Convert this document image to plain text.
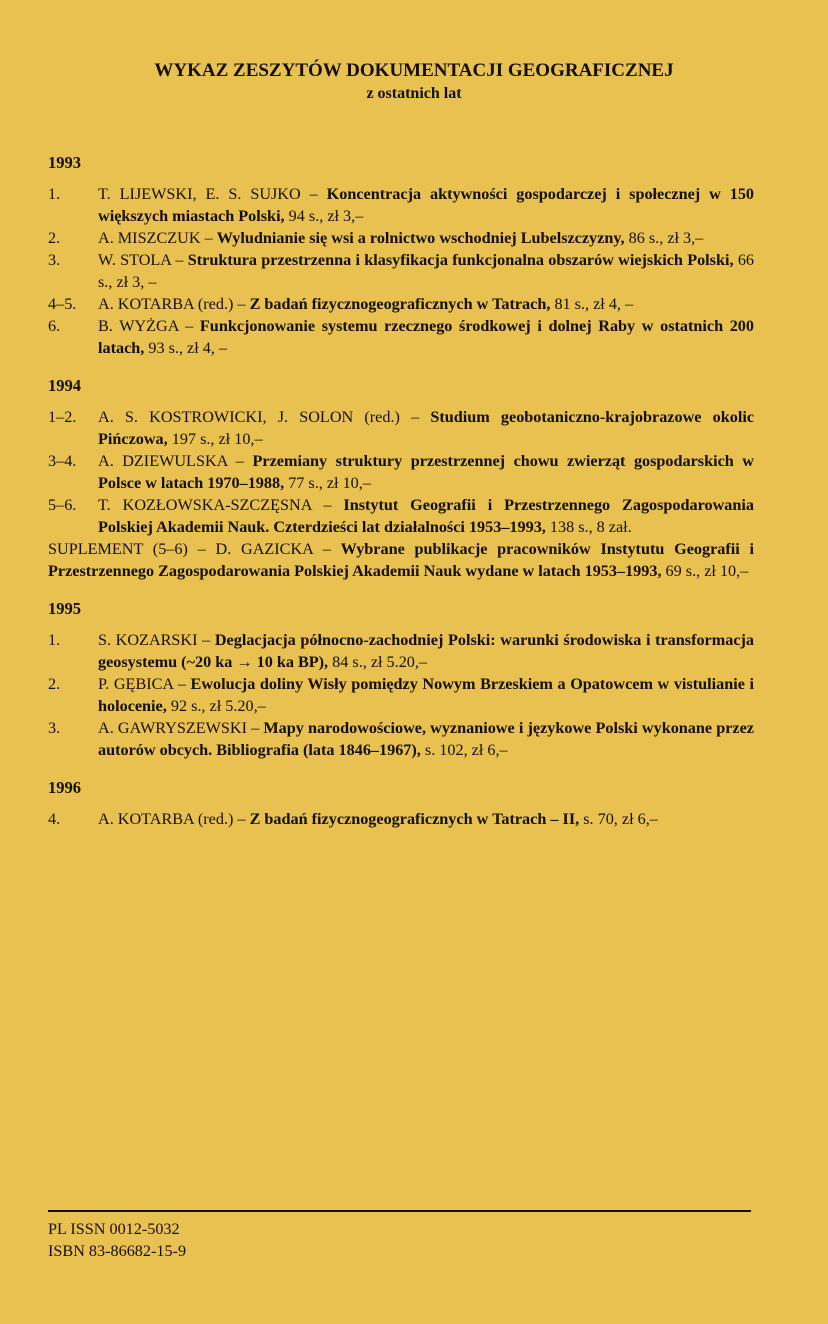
WYKAZ ZESZYTÓW DOKUMENTACJI GEOGRAFICZNEJ
z ostatnich lat
1993
1.	T. LIJEWSKI, E. S. SUJKO – Koncentracja aktywności gospodarczej i społecznej w 150 większych miastach Polski, 94 s., zł 3,–
2.	A. MISZCZUK – Wyludnianie się wsi a rolnictwo wschodniej Lubelszczyzny, 86 s., zł 3,–
3.	W. STOLA – Struktura przestrzenna i klasyfikacja funkcjonalna obszarów wiejskich Polski, 66 s., zł 3, –
4–5.	A. KOTARBA (red.) – Z badań fizycznogeograficznych w Tatrach, 81 s., zł 4, –
6.	B. WYŻGA – Funkcjonowanie systemu rzecznego środkowej i dolnej Raby w ostatnich 200 latach, 93 s., zł 4, –
1994
1–2.	A. S. KOSTROWICKI, J. SOLON (red.) – Studium geobotaniczno-krajobrazowe okolic Pińczowa, 197 s., zł 10,–
3–4.	A. DZIEWULSKA – Przemiany struktury przestrzennej chowu zwierząt gospodarskich w Polsce w latach 1970–1988, 77 s., zł 10,–
5–6.	T. KOZŁOWSKA-SZCZĘSNA – Instytut Geografii i Przestrzennego Zagospodarowania Polskiej Akademii Nauk. Czterdzieści lat działalności 1953–1993, 138 s., 8 zał.
SUPLEMENT (5–6) – D. GAZICKA – Wybrane publikacje pracowników Instytutu Geografii i Przestrzennego Zagospodarowania Polskiej Akademii Nauk wydane w latach 1953–1993, 69 s., zł 10,–
1995
1.	S. KOZARSKI – Deglacjacja północno-zachodniej Polski: warunki środowiska i transformacja geosystemu (~20 ka → 10 ka BP), 84 s., zł 5.20,–
2.	P. GĘBICA – Ewolucja doliny Wisły pomiędzy Nowym Brzeskiem a Opatowcem w vistulianie i holocenie, 92 s., zł 5.20,–
3.	A. GAWRYSZEWSKI – Mapy narodowościowe, wyznaniowe i językowe Polski wykonane przez autorów obcych. Bibliografia (lata 1846–1967), s. 102, zł 6,–
1996
4.	A. KOTARBA (red.) – Z badań fizycznogeograficznych w Tatrach – II, s. 70, zł 6,–
PL ISSN 0012-5032
ISBN 83-86682-15-9
